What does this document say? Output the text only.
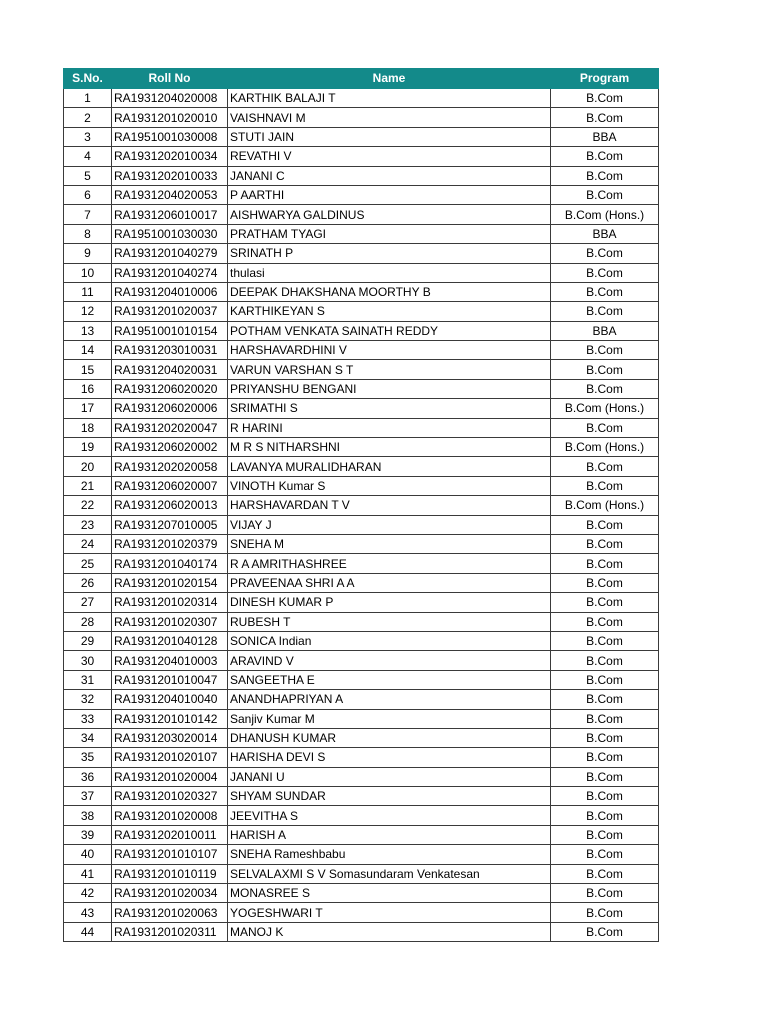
S.No.	Roll No	Name	Program
1	RA1931204020008	KARTHIK BALAJI T	B.Com
2	RA1931201020010	VAISHNAVI M	B.Com
3	RA1951001030008	STUTI JAIN	BBA
4	RA1931202010034	REVATHI V	B.Com
5	RA1931202010033	JANANI C	B.Com
6	RA1931204020053	P AARTHI	B.Com
7	RA1931206010017	AISHWARYA GALDINUS	B.Com (Hons.)
8	RA1951001030030	PRATHAM TYAGI	BBA
9	RA1931201040279	SRINATH P	B.Com
10	RA1931201040274	thulasi	B.Com
11	RA1931204010006	DEEPAK DHAKSHANA MOORTHY B	B.Com
12	RA1931201020037	KARTHIKEYAN S	B.Com
13	RA1951001010154	POTHAM VENKATA SAINATH REDDY	BBA
14	RA1931203010031	HARSHAVARDHINI V	B.Com
15	RA1931204020031	VARUN VARSHAN S T	B.Com
16	RA1931206020020	PRIYANSHU BENGANI	B.Com
17	RA1931206020006	SRIMATHI S	B.Com (Hons.)
18	RA1931202020047	R HARINI	B.Com
19	RA1931206020002	M R S NITHARSHNI	B.Com (Hons.)
20	RA1931202020058	LAVANYA MURALIDHARAN	B.Com
21	RA1931206020007	VINOTH Kumar S	B.Com
22	RA1931206020013	HARSHAVARDAN T V	B.Com (Hons.)
23	RA1931207010005	VIJAY J	B.Com
24	RA1931201020379	SNEHA M	B.Com
25	RA1931201040174	R A AMRITHASHREE	B.Com
26	RA1931201020154	PRAVEENAA SHRI A A	B.Com
27	RA1931201020314	DINESH KUMAR P	B.Com
28	RA1931201020307	RUBESH T	B.Com
29	RA1931201040128	SONICA Indian	B.Com
30	RA1931204010003	ARAVIND V	B.Com
31	RA1931201010047	SANGEETHA E	B.Com
32	RA1931204010040	ANANDHAPRIYAN A	B.Com
33	RA1931201010142	Sanjiv Kumar M	B.Com
34	RA1931203020014	DHANUSH KUMAR	B.Com
35	RA1931201020107	HARISHA DEVI S	B.Com
36	RA1931201020004	JANANI U	B.Com
37	RA1931201020327	SHYAM SUNDAR	B.Com
38	RA1931201020008	JEEVITHA S	B.Com
39	RA1931202010011	HARISH A	B.Com
40	RA1931201010107	SNEHA Rameshbabu	B.Com
41	RA1931201010119	SELVALAXMI S V Somasundaram Venkatesan	B.Com
42	RA1931201020034	MONASREE S	B.Com
43	RA1931201020063	YOGESHWARI T	B.Com
44	RA1931201020311	MANOJ K	B.Com
